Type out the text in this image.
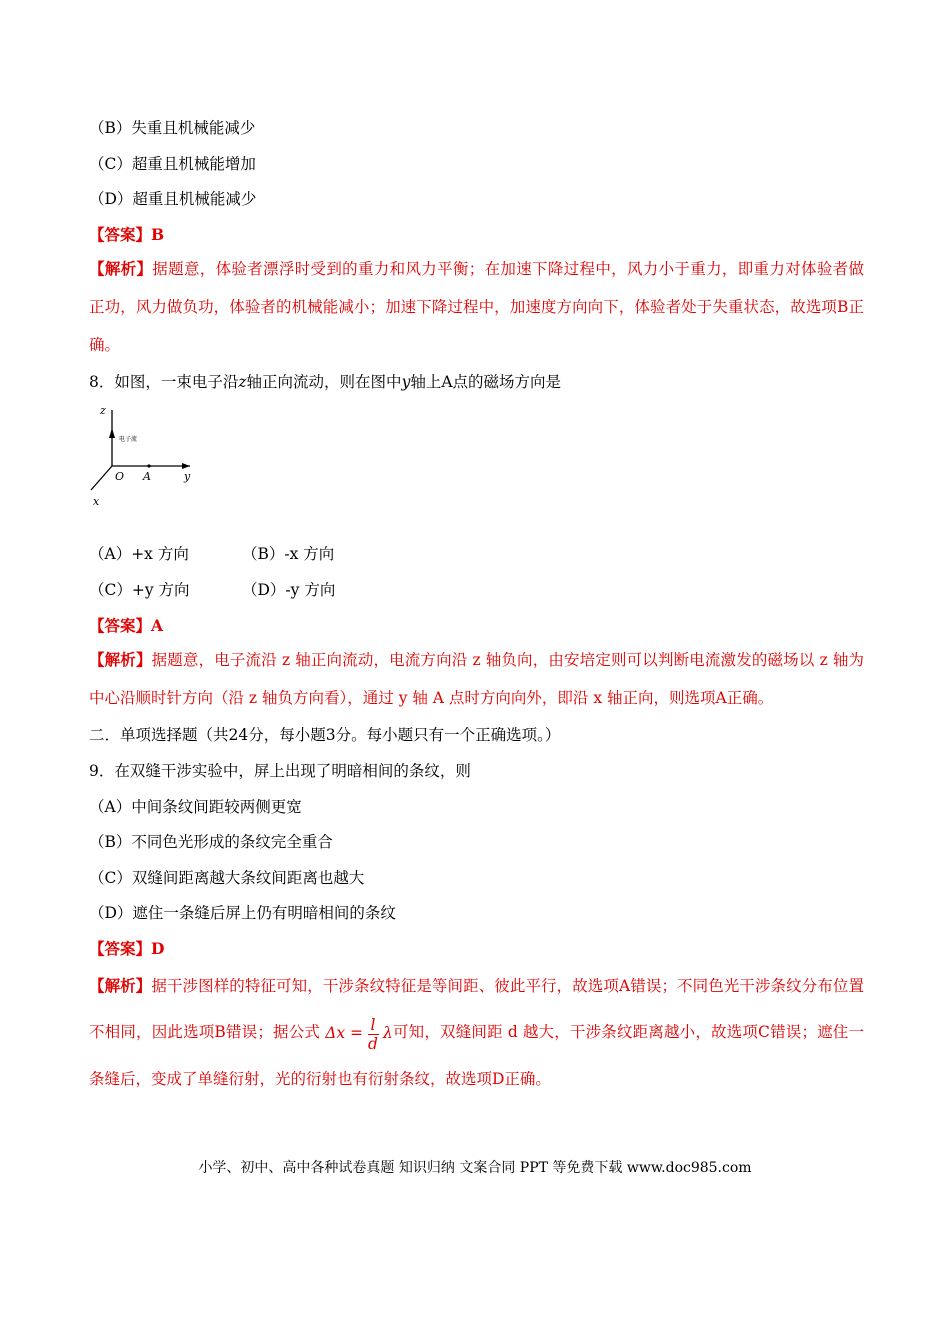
（B）失重且机械能减少
（C）超重且机械能增加
（D）超重且机械能减少
【答案】B
【解析】据题意，体验者漂浮时受到的重力和风力平衡；在加速下降过程中，风力小于重力，即重力对体验者做正功，风力做负功，体验者的机械能减小；加速下降过程中，加速度方向向下，体验者处于失重状态，故选项B正确。
8．如图，一束电子沿z轴正向流动，则在图中y轴上A点的磁场方向是
z
电子流
O A	y
x
（A）+x 方向	（B）-x 方向
（C）+y 方向	（D）-y 方向
【答案】A
【解析】据题意，电子流沿 z 轴正向流动，电流方向沿 z 轴负向，由安培定则可以判断电流激发的磁场以 z 轴为中心沿顺时针方向（沿 z 轴负方向看），通过 y 轴 A 点时方向向外，即沿 x 轴正向，则选项A正确。
二．单项选择题（共24分，每小题3分。每小题只有一个正确选项。）
9．在双缝干涉实验中，屏上出现了明暗相间的条纹，则
（A）中间条纹间距较两侧更宽
（B）不同色光形成的条纹完全重合
（C）双缝间距离越大条纹间距离也越大
（D）遮住一条缝后屏上仍有明暗相间的条纹
【答案】D
【解析】据干涉图样的特征可知，干涉条纹特征是等间距、彼此平行，故选项A错误；不同色光干涉条纹分布位置不相同，因此选项B错误；据公式 $\Delta x = \frac{l}{d}$ λ可知，双缝间距 d 越大，干涉条纹距离越小，故选项C错误；遮住一条缝后，变成了单缝衍射，光的衍射也有衍射条纹，故选项D正确。
小学、初中、高中各种试卷真题 知识归纳 文案合同 PPT 等免费下载 www.doc985.com
